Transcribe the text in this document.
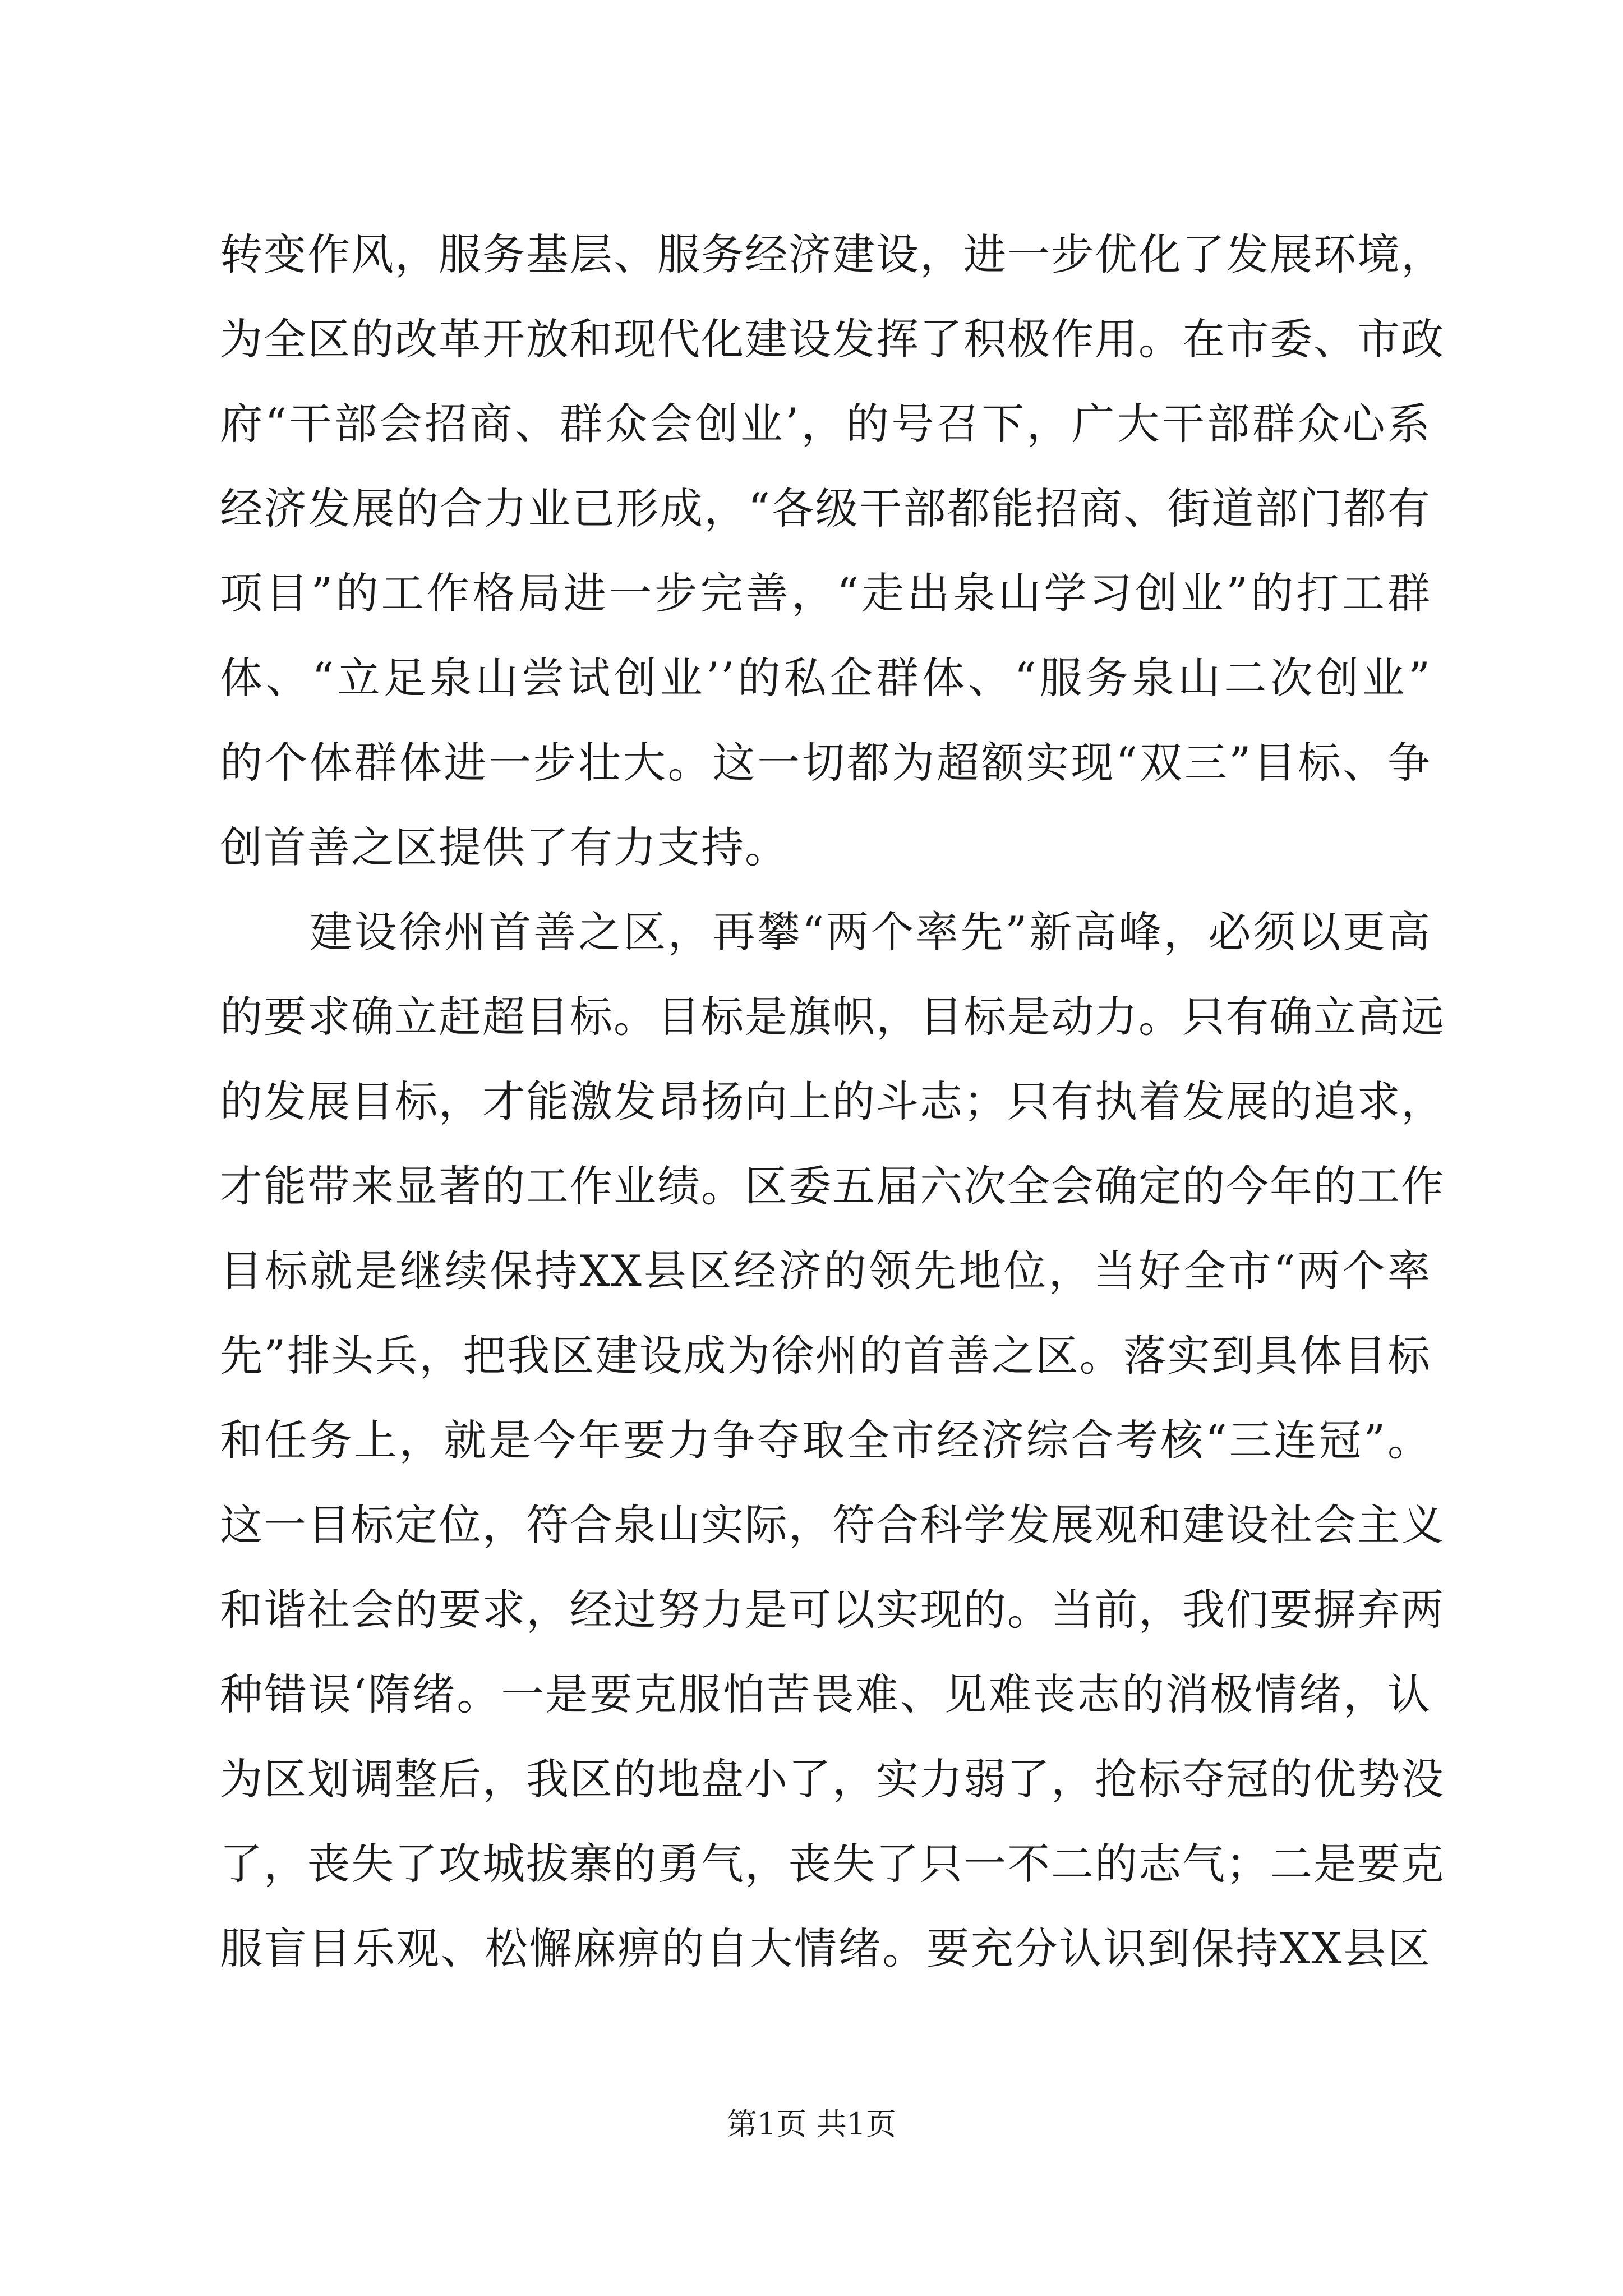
转变作风，服务基层、服务经济建设，进一步优化了发展环境，
为全区的改革开放和现代化建设发挥了积极作用。在市委、市政
府“干部会招商、群众会创业’，的号召下，广大干部群众心系
经济发展的合力业已形成，“各级干部都能招商、街道部门都有
项目”的工作格局进一步完善，“走出泉山学习创业”的打工群
体、“立足泉山尝试创业’’的私企群体、“服务泉山二次创业”
的个体群体进一步壮大。这一切都为超额实现“双三”目标、争
创首善之区提供了有力支持。
建设徐州首善之区，再攀“两个率先”新高峰，必须以更高
的要求确立赶超目标。目标是旗帜，目标是动力。只有确立高远
的发展目标，才能激发昂扬向上的斗志；只有执着发展的追求，
才能带来显著的工作业绩。区委五届六次全会确定的今年的工作
目标就是继续保持XX县区经济的领先地位，当好全市“两个率
先”排头兵，把我区建设成为徐州的首善之区。落实到具体目标
和任务上，就是今年要力争夺取全市经济综合考核“三连冠”。
这一目标定位，符合泉山实际，符合科学发展观和建设社会主义
和谐社会的要求，经过努力是可以实现的。当前，我们要摒弃两
种错误‘隋绪。一是要克服怕苦畏难、见难丧志的消极情绪，认
为区划调整后，我区的地盘小了，实力弱了，抢标夺冠的优势没
了，丧失了攻城拔寨的勇气，丧失了只一不二的志气；二是要克
服盲目乐观、松懈麻痹的自大情绪。要充分认识到保持XX县区
第1页 共1页
